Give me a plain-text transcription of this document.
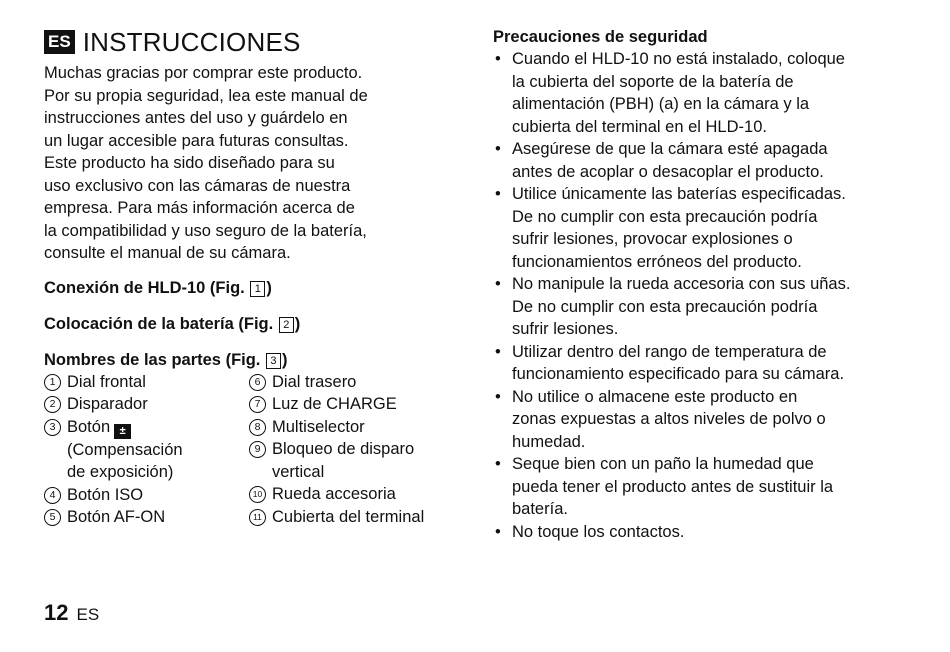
ES INSTRUCCIONES

Muchas gracias por comprar este producto.
Por su propia seguridad, lea este manual de
instrucciones antes del uso y guárdelo en
un lugar accesible para futuras consultas.
Este producto ha sido diseñado para su
uso exclusivo con las cámaras de nuestra
empresa. Para más información acerca de
la compatibilidad y uso seguro de la batería,
consulte el manual de su cámara.

Conexión de HLD-10 (Fig. 1 )
Colocación de la batería (Fig. 2 )
Nombres de las partes (Fig. 3 )
1 Dial frontal
2 Disparador
3 Botón ±
(Compensación
de exposición)
4 Botón ISO
5 Botón AF-ON
6 Dial trasero
7 Luz de CHARGE
8 Multiselector
9 Bloqueo de disparo
vertical
10 Rueda accesoria
11 Cubierta del terminal
Precauciones de seguridad
• Cuando el HLD-10 no está instalado, coloque
la cubierta del soporte de la batería de
alimentación (PBH) (a) en la cámara y la
cubierta del terminal en el HLD-10.
• Asegúrese de que la cámara esté apagada
antes de acoplar o desacoplar el producto.
• Utilice únicamente las baterías especificadas.
De no cumplir con esta precaución podría
sufrir lesiones, provocar explosiones o
funcionamientos erróneos del producto.
• No manipule la rueda accesoria con sus uñas.
De no cumplir con esta precaución podría
sufrir lesiones.
• Utilizar dentro del rango de temperatura de
funcionamiento especificado para su cámara.
• No utilice o almacene este producto en
zonas expuestas a altos niveles de polvo o
humedad.
• Seque bien con un paño la humedad que
pueda tener el producto antes de sustituir la
batería.
• No toque los contactos.
12 ES
